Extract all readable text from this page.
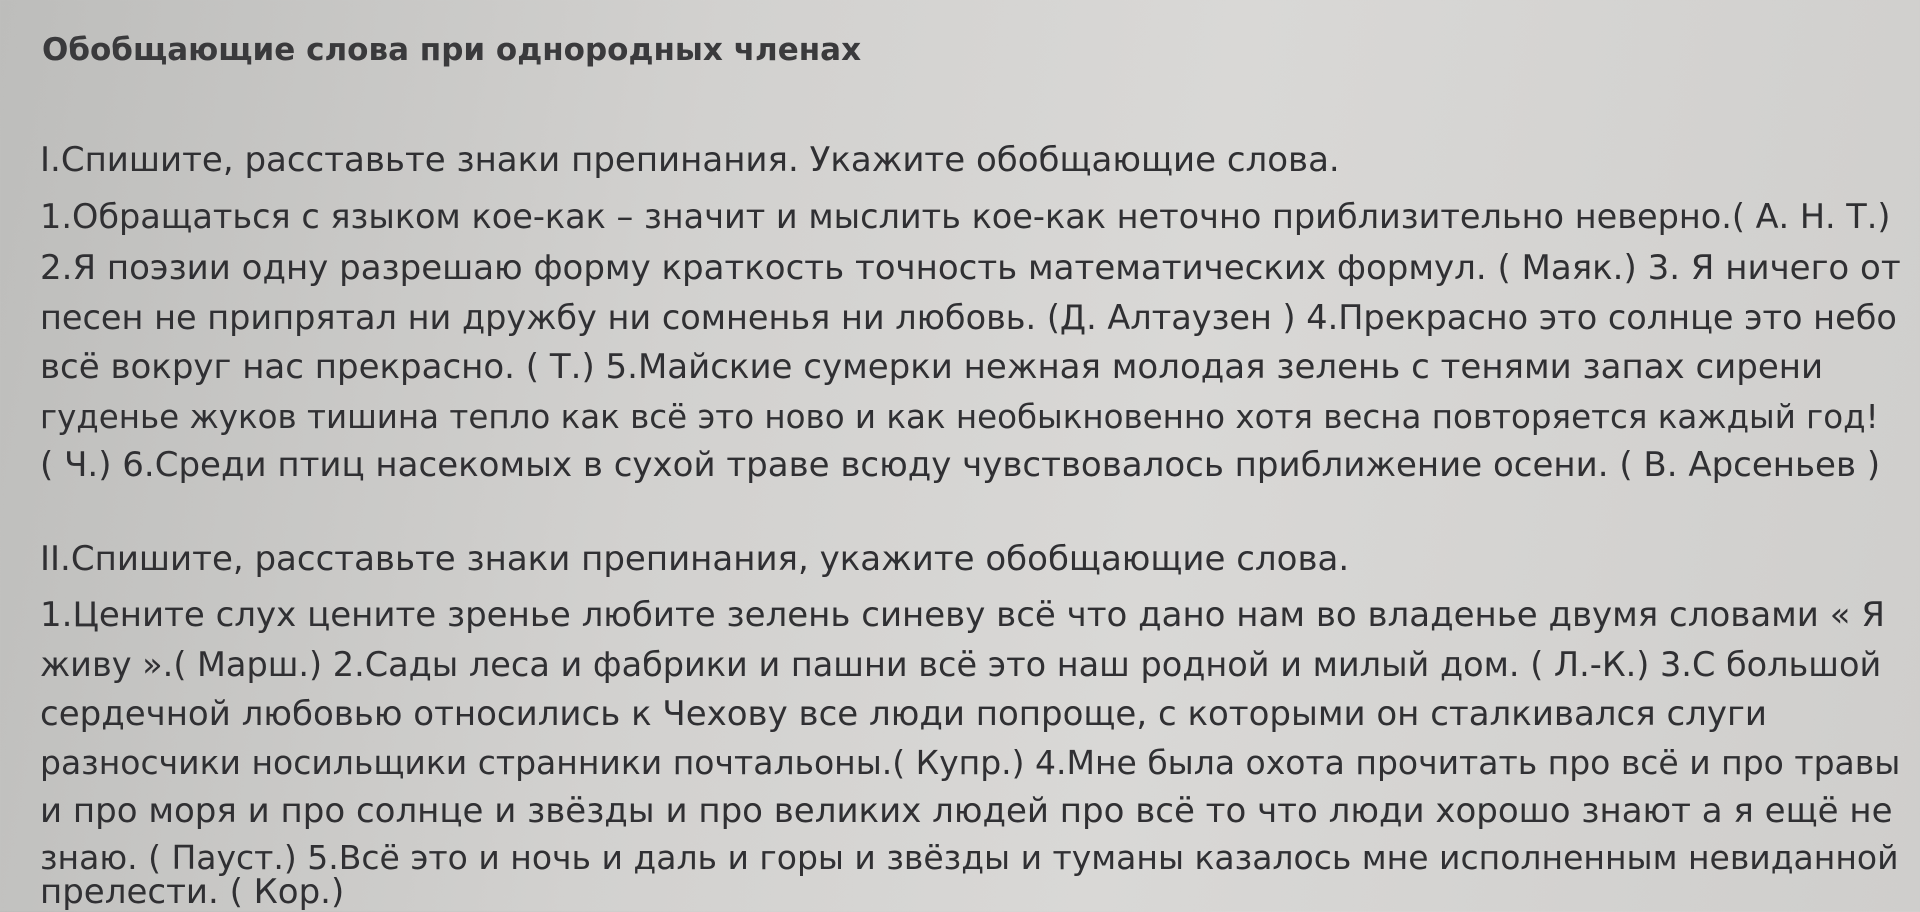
Обобщающие слова при однородных членах
I.Спишите, расставьте знаки препинания. Укажите обобщающие слова.
1.Обращаться с языком кое-как – значит и мыслить кое-как неточно приблизительно неверно.( А. Н. Т.)
2.Я поэзии одну разрешаю форму краткость точность математических формул. ( Маяк.) 3. Я ничего от
песен не припрятал ни дружбу ни сомненья ни любовь. (Д. Алтаузен ) 4.Прекрасно это солнце это небо
всё вокруг нас прекрасно. ( Т.) 5.Майские сумерки нежная молодая зелень с тенями запах сирени
гуденье жуков тишина тепло как всё это ново и как необыкновенно хотя весна повторяется каждый год!
( Ч.) 6.Среди птиц насекомых в сухой траве всюду чувствовалось приближение осени. ( В. Арсеньев )
II.Спишите, расставьте знаки препинания, укажите обобщающие слова.
1.Цените слух цените зренье любите зелень синеву всё что дано нам во владенье двумя словами « Я
живу ».( Марш.) 2.Сады леса и фабрики и пашни всё это наш родной и милый дом. ( Л.-К.) 3.С большой
сердечной любовью относились к Чехову все люди попроще, с которыми он сталкивался слуги
разносчики носильщики странники почтальоны.( Купр.) 4.Мне была охота прочитать про всё и про травы
и про моря и про солнце и звёзды и про великих людей про всё то что люди хорошо знают а я ещё не
знаю. ( Пауст.) 5.Всё это и ночь и даль и горы и звёзды и туманы казалось мне исполненным невиданной
прелести. ( Кор.)
